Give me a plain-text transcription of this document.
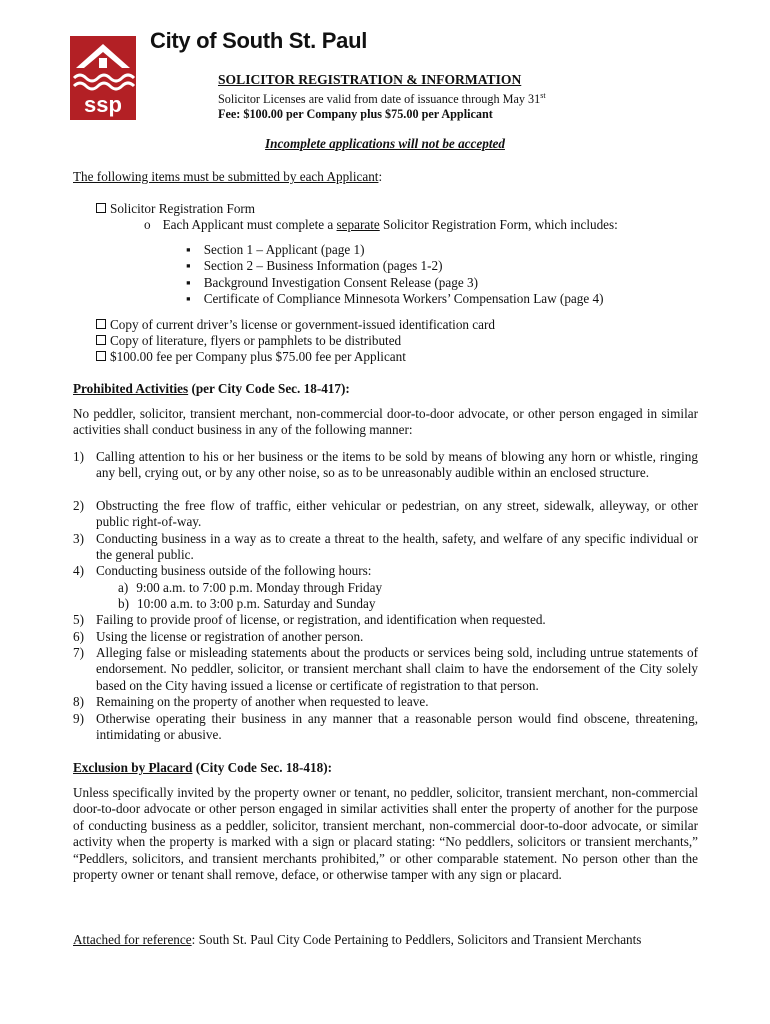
ssp
City of South St. Paul
SOLICITOR REGISTRATION & INFORMATION
Solicitor Licenses are valid from date of issuance through May 31st
Fee: $100.00 per Company plus $75.00 per Applicant
Incomplete applications will not be accepted
The following items must be submitted by each Applicant:
Solicitor Registration Form
o Each Applicant must complete a separate Solicitor Registration Form, which includes:
▪ Section 1 – Applicant (page 1)
▪ Section 2 – Business Information (pages 1-2)
▪ Background Investigation Consent Release (page 3)
▪ Certificate of Compliance Minnesota Workers’ Compensation Law (page 4)
Copy of current driver’s license or government-issued identification card
Copy of literature, flyers or pamphlets to be distributed
$100.00 fee per Company plus $75.00 fee per Applicant
Prohibited Activities (per City Code Sec. 18-417):
No peddler, solicitor, transient merchant, non-commercial door-to-door advocate, or other person engaged in similar activities shall conduct business in any of the following manner:
1) Calling attention to his or her business or the items to be sold by means of blowing any horn or whistle, ringing any bell, crying out, or by any other noise, so as to be unreasonably audible within an enclosed structure.
2) Obstructing the free flow of traffic, either vehicular or pedestrian, on any street, sidewalk, alleyway, or other public right-of-way.
3) Conducting business in a way as to create a threat to the health, safety, and welfare of any specific individual or the general public.
4) Conducting business outside of the following hours:
a) 9:00 a.m. to 7:00 p.m. Monday through Friday
b) 10:00 a.m. to 3:00 p.m. Saturday and Sunday
5) Failing to provide proof of license, or registration, and identification when requested.
6) Using the license or registration of another person.
7) Alleging false or misleading statements about the products or services being sold, including untrue statements of endorsement. No peddler, solicitor, or transient merchant shall claim to have the endorsement of the City solely based on the City having issued a license or certificate of registration to that person.
8) Remaining on the property of another when requested to leave.
9) Otherwise operating their business in any manner that a reasonable person would find obscene, threatening, intimidating or abusive.
Exclusion by Placard (City Code Sec. 18-418):
Unless specifically invited by the property owner or tenant, no peddler, solicitor, transient merchant, non-commercial door-to-door advocate or other person engaged in similar activities shall enter the property of another for the purpose of conducting business as a peddler, solicitor, transient merchant, non-commercial door-to-door advocate, or similar activity when the property is marked with a sign or placard stating: “No peddlers, solicitors or transient merchants,” “Peddlers, solicitors, and transient merchants prohibited,” or other comparable statement. No person other than the property owner or tenant shall remove, deface, or otherwise tamper with any sign or placard.
Attached for reference: South St. Paul City Code Pertaining to Peddlers, Solicitors and Transient Merchants
